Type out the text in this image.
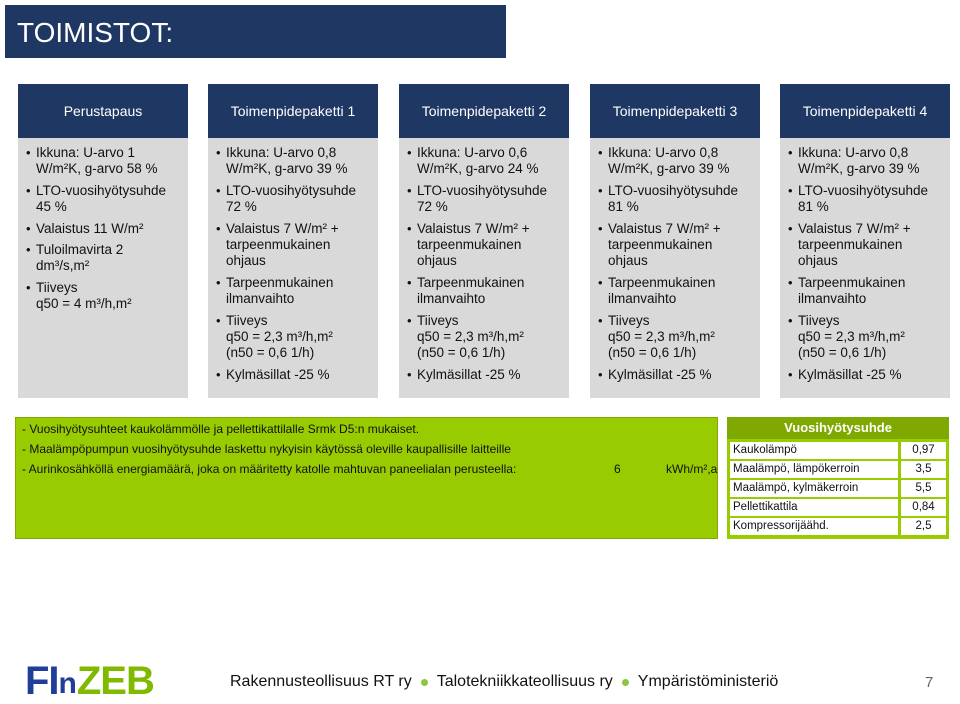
TOIMISTOT:
Perustapaus	Toimenpidepaketti 1	Toimenpidepaketti 2	Toimenpidepaketti 3	Toimenpidepaketti 4
• Ikkuna: U-arvo 1
W/m²K, g-arvo 58 %
• LTO-vuosihyötysuhde
45 %
• Valaistus 11 W/m²
• Tuloilmavirta 2
dm³/s,m²
• Tiiveys
q50 = 4 m³/h,m²
• Ikkuna: U-arvo 0,8
W/m²K, g-arvo 39 %
• LTO-vuosihyötysuhde
72 %
• Valaistus 7 W/m² +
tarpeenmukainen
ohjaus
• Tarpeenmukainen
ilmanvaihto
• Tiiveys
q50 = 2,3 m³/h,m²
(n50 = 0,6 1/h)
• Kylmäsillat -25 %
• Ikkuna: U-arvo 0,6
W/m²K, g-arvo 24 %
• LTO-vuosihyötysuhde
72 %
• Valaistus 7 W/m² +
tarpeenmukainen
ohjaus
• Tarpeenmukainen
ilmanvaihto
• Tiiveys
q50 = 2,3 m³/h,m²
(n50 = 0,6 1/h)
• Kylmäsillat -25 %
• Ikkuna: U-arvo 0,8
W/m²K, g-arvo 39 %
• LTO-vuosihyötysuhde
81 %
• Valaistus 7 W/m² +
tarpeenmukainen
ohjaus
• Tarpeenmukainen
ilmanvaihto
• Tiiveys
q50 = 2,3 m³/h,m²
(n50 = 0,6 1/h)
• Kylmäsillat -25 %
• Ikkuna: U-arvo 0,8
W/m²K, g-arvo 39 %
• LTO-vuosihyötysuhde
81 %
• Valaistus 7 W/m² +
tarpeenmukainen
ohjaus
• Tarpeenmukainen
ilmanvaihto
• Tiiveys
q50 = 2,3 m³/h,m²
(n50 = 0,6 1/h)
• Kylmäsillat -25 %
- Vuosihyötysuhteet kaukolämmölle ja pellettikattilalle Srmk D5:n mukaiset.
- Maalämpöpumpun vuosihyötysuhde laskettu nykyisin käytössä oleville kaupallisille laitteille
- Aurinkosähköllä energiamäärä, joka on määritetty katolle mahtuvan paneelialan perusteella:	6	kWh/m²,a
Vuosihyötysuhde
Kaukolämpö	0,97
Maalämpö, lämpökerroin	3,5
Maalämpö, kylmäkerroin	5,5
Pellettikattila	0,84
Kompressorijäähd.	2,5
FI n ZEB	Rakennusteollisuus RT ry Talotekniikkateollisuus ry Ympäristöministeriö	7
